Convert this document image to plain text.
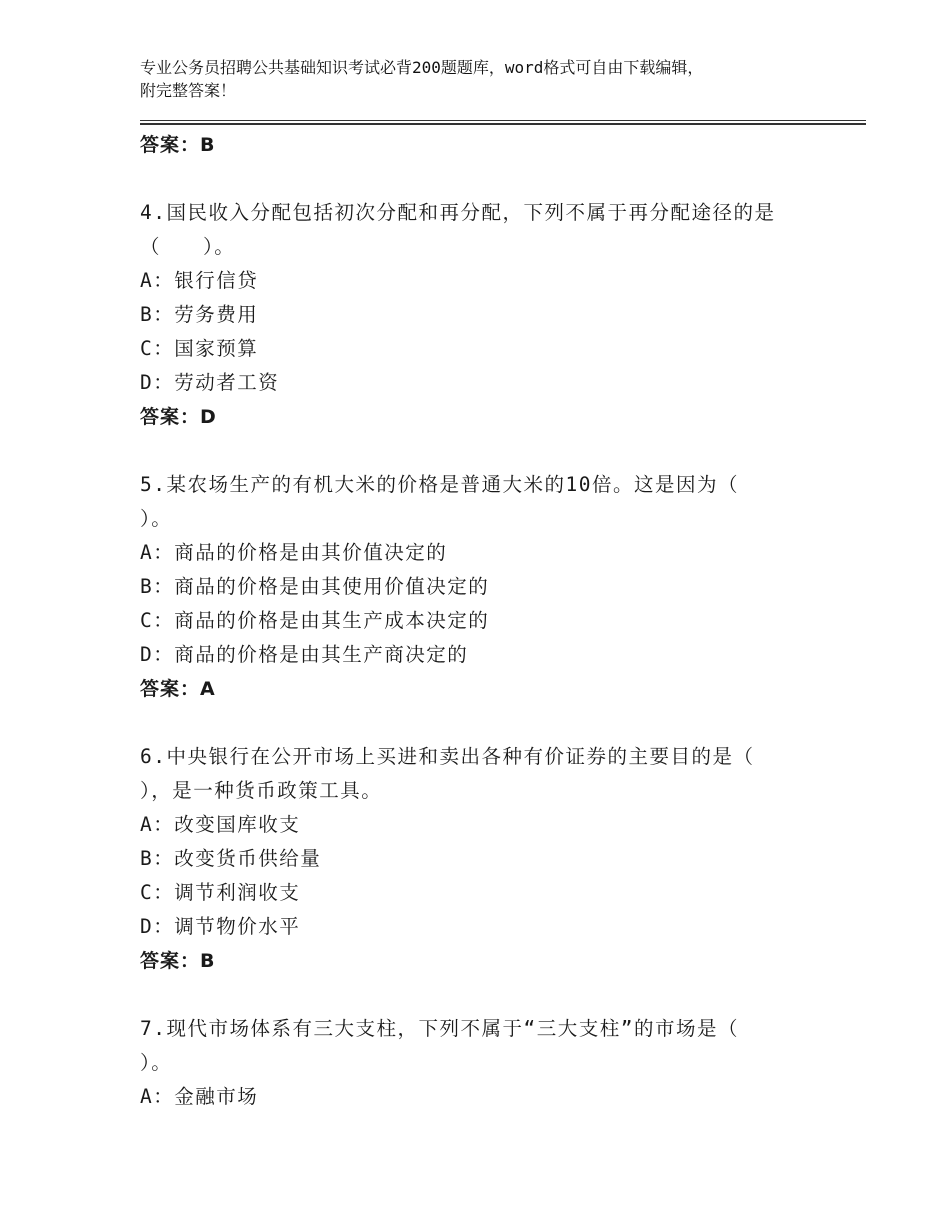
专业公务员招聘公共基础知识考试必背200题题库，word格式可自由下载编辑，
附完整答案！
答案：B
4.国民收入分配包括初次分配和再分配，下列不属于再分配途径的是
（　　）。
A：银行信贷
B：劳务费用
C：国家预算
D：劳动者工资
答案：D
5.某农场生产的有机大米的价格是普通大米的10倍。这是因为（
）。
A：商品的价格是由其价值决定的
B：商品的价格是由其使用价值决定的
C：商品的价格是由其生产成本决定的
D：商品的价格是由其生产商决定的
答案：A
6.中央银行在公开市场上买进和卖出各种有价证券的主要目的是（
），是一种货币政策工具。
A：改变国库收支
B：改变货币供给量
C：调节利润收支
D：调节物价水平
答案：B
7.现代市场体系有三大支柱，下列不属于“三大支柱”的市场是（
）。
A：金融市场
